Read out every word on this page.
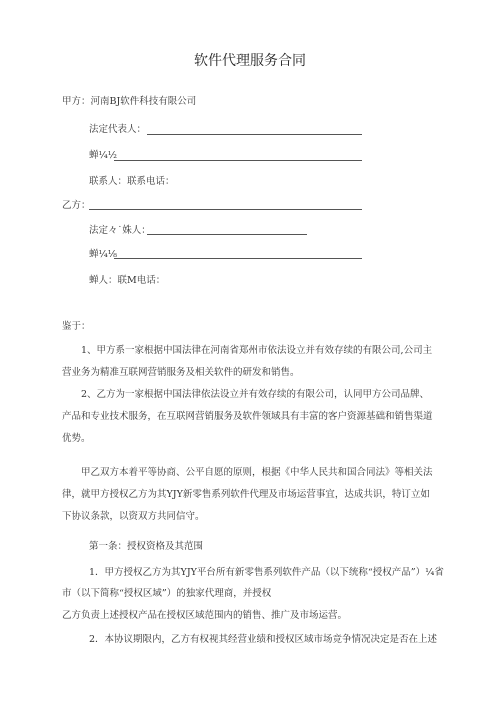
软件代理服务合同
甲方：河南BJ软件科技有限公司
法定代表人：
蝉¼½
联系人：联系电话：
乙方：
法定々˙姝人：
蝉¼⅛
蝉人：联M电话：
鉴于：
1、甲方系一家根据中国法律在河南省郑州市依法设立并有效存续的有限公司,公司主营业务为精准互联网营销服务及相关软件的研发和销售。
2、乙方为一家根据中国法律依法设立并有效存续的有限公司，认同甲方公司品牌、产品和专业技术服务，在互联网营销服务及软件领域具有丰富的客户资源基础和销售渠道优势。
甲乙双方本着平等协商、公平自愿的原则，根据《中华人民共和国合同法》等相关法律，就甲方授权乙方为其YJY新零售系列软件代理及市场运营事宜，达成共识，特订立如下协议条款，以资双方共同信守。
第一条：授权资格及其范围
1．甲方授权乙方为其YJY平台所有新零售系列软件产品（以下统称“授权产品”）¼省
市（以下简称“授权区域”）的独家代理商，并授权
乙方负责上述授权产品在授权区域范围内的销售、推广及市场运营。
2．本协议期限内，乙方有权视其经营业绩和授权区域市场竞争情况决定是否在上述
